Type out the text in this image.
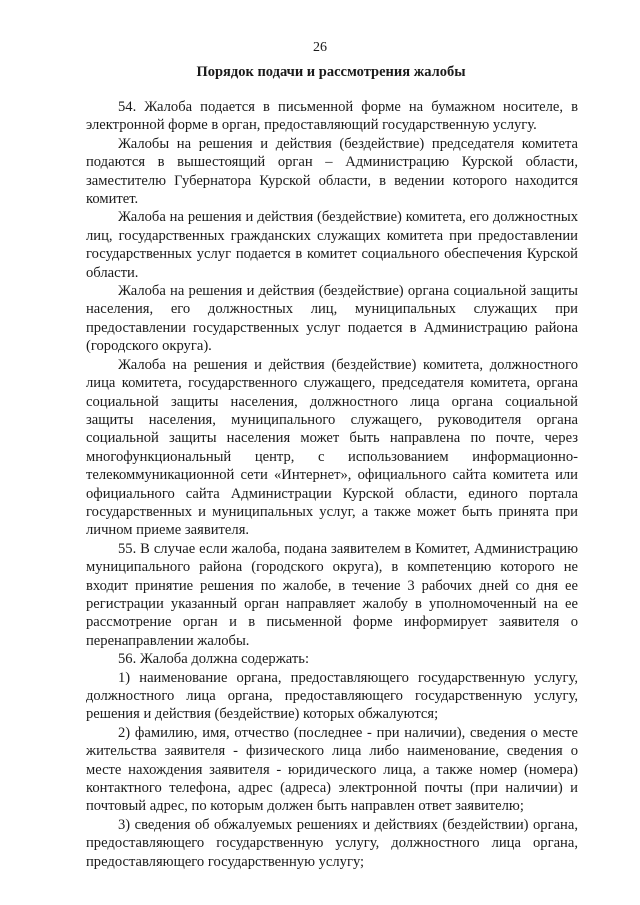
26
Порядок подачи и рассмотрения жалобы

54. Жалоба подается в письменной форме на бумажном носителе, в электронной форме в орган, предоставляющий государственную услугу.

Жалобы на решения и действия (бездействие) председателя комитета подаются в вышестоящий орган – Администрацию Курской области, заместителю Губернатора Курской области, в ведении которого находится комитет.

Жалоба на решения и действия (бездействие) комитета, его должностных лиц, государственных гражданских служащих комитета при предоставлении государственных услуг подается в комитет социального обеспечения Курской области.

Жалоба на решения и действия (бездействие) органа социальной защиты населения, его должностных лиц, муниципальных служащих при предоставлении государственных услуг подается в Администрацию района (городского округа).

Жалоба на решения и действия (бездействие) комитета, должностного лица комитета, государственного служащего, председателя комитета, органа социальной защиты населения, должностного лица органа социальной защиты населения, муниципального служащего, руководителя органа социальной защиты населения может быть направлена по почте, через многофункциональный центр, с использованием информационно-телекоммуникационной сети «Интернет», официального сайта комитета или официального сайта Администрации Курской области, единого портала государственных и муниципальных услуг, а также может быть принята при личном приеме заявителя.

55. В случае если жалоба, подана заявителем в Комитет, Администрацию муниципального района (городского округа), в компетенцию которого не входит принятие решения по жалобе, в течение 3 рабочих дней со дня ее регистрации указанный орган направляет жалобу в уполномоченный на ее рассмотрение орган и в письменной форме информирует заявителя о перенаправлении жалобы.

56. Жалоба должна содержать:

1) наименование органа, предоставляющего государственную услугу, должностного лица органа, предоставляющего государственную услугу, решения и действия (бездействие) которых обжалуются;

2) фамилию, имя, отчество (последнее - при наличии), сведения о месте жительства заявителя - физического лица либо наименование, сведения о месте нахождения заявителя - юридического лица, а также номер (номера) контактного телефона, адрес (адреса) электронной почты (при наличии) и почтовый адрес, по которым должен быть направлен ответ заявителю;

3) сведения об обжалуемых решениях и действиях (бездействии) органа, предоставляющего государственную услугу, должностного лица органа, предоставляющего государственную услугу;
